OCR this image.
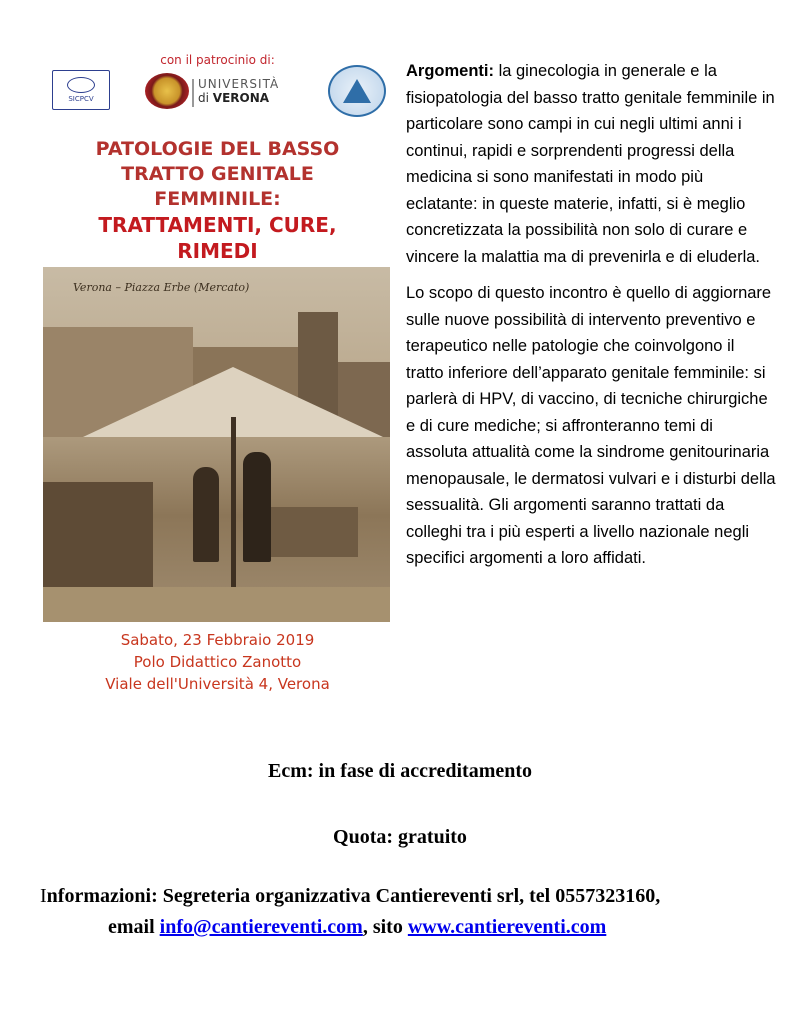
con il patrocinio di:
SICPCV
UNIVERSITÀ
di VERONA
PATOLOGIE DEL BASSO
TRATTO GENITALE
FEMMINILE:
TRATTAMENTI, CURE,
RIMEDI
Verona – Piazza Erbe (Mercato)
Sabato, 23 Febbraio 2019
Polo Didattico Zanotto
Viale dell'Università 4, Verona

Argomenti: la ginecologia in generale e la fisiopatologia del basso tratto genitale femminile in particolare sono campi in cui negli ultimi anni i continui, rapidi e sorprendenti progressi della medicina si sono manifestati in modo più eclatante: in queste materie, infatti, si è meglio concretizzata la possibilità non solo di curare e vincere la malattia ma di prevenirla e di eluderla.

Lo scopo di questo incontro è quello di aggiornare sulle nuove possibilità di intervento preventivo e terapeutico nelle patologie che coinvolgono il tratto inferiore dell’apparato genitale femminile: si parlerà di HPV, di vaccino, di tecniche chirurgiche e di cure mediche; si affronteranno temi di assoluta attualità come la sindrome genitourinaria menopausale, le dermatosi vulvari e i disturbi della sessualità. Gli argomenti saranno trattati da colleghi tra i più esperti a livello nazionale negli specifici argomenti a loro affidati.

Ecm: in fase di accreditamento
Quota: gratuito
Informazioni: Segreteria organizzativa Cantiereventi srl, tel 0557323160,
email info@cantiereventi.com, sito www.cantiereventi.com
